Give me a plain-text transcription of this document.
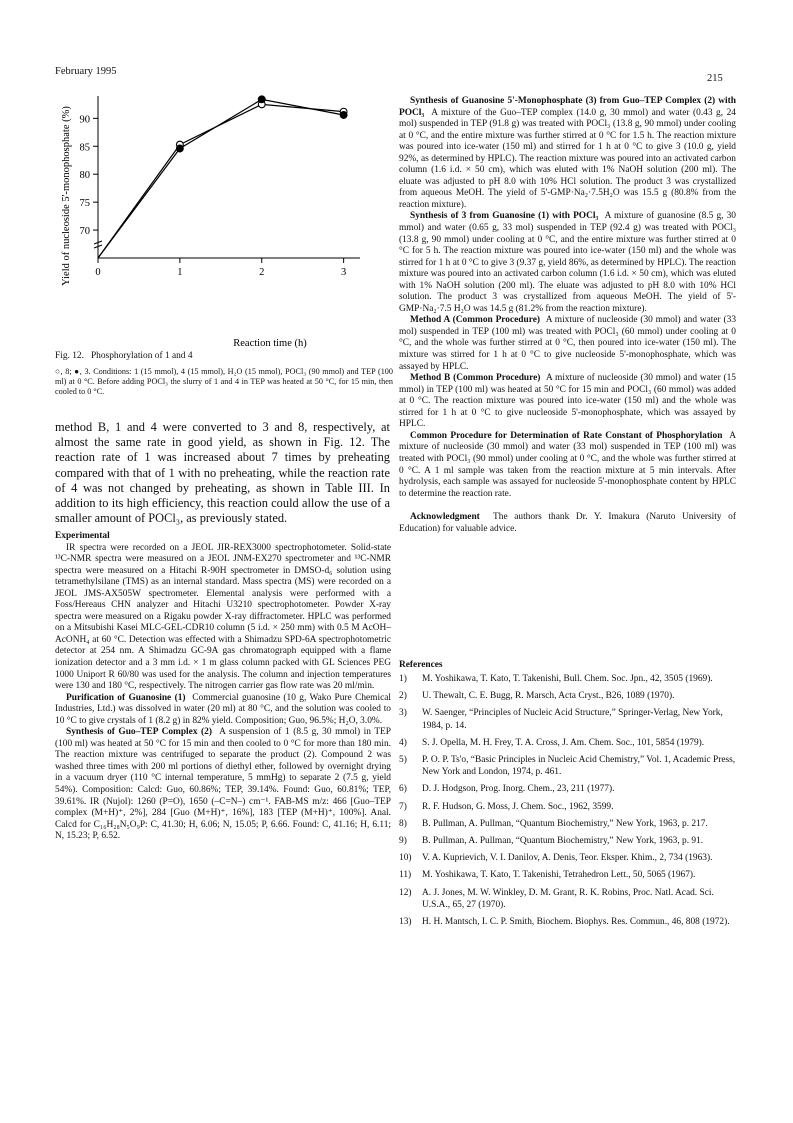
February 1995
215
70
75
80
85
90
0	1	2	3
Yield of nucleoside 5'-monophosphate (%)
Reaction time (h)
Fig. 12. Phosphorylation of 1 and 4
○, 8; ●, 3. Conditions: 1 (15 mmol), 4 (15 mmol), H₂O (15 mmol), POCl₃ (90 mmol) and TEP (100 ml) at 0 °C. Before adding POCl₃ the slurry of 1 and 4 in TEP was heated at 50 °C, for 15 min, then cooled to 0 °C.

method B, 1 and 4 were converted to 3 and 8, respectively, at almost the same rate in good yield, as shown in Fig. 12. The reaction rate of 1 was increased about 7 times by preheating compared with that of 1 with no preheating, while the reaction rate of 4 was not changed by preheating, as shown in Table III. In addition to its high efficiency, this reaction could allow the use of a smaller amount of POCl₃, as previously stated.

Experimental

IR spectra were recorded on a JEOL JIR-REX3000 spectrophotometer. Solid-state ¹³C-NMR spectra were measured on a JEOL JNM-EX270 spectrometer and ¹³C-NMR spectra were measured on a Hitachi R-90H spectrometer in DMSO-d₆ solution using tetramethylsilane (TMS) as an internal standard. Mass spectra (MS) were recorded on a JEOL JMS-AX505W spectrometer. Elemental analysis were performed with a Foss/Hereaus CHN analyzer and Hitachi U3210 spectrophotometer. Powder X-ray spectra were measured on a Rigaku powder X-ray diffractometer. HPLC was performed on a Mitsubishi Kasei MLC-GEL-CDR10 column (5 i.d. × 250 mm) with 0.5 M AcOH–AcONH₄ at 60 °C. Detection was effected with a Shimadzu SPD-6A spectrophotometric detector at 254 nm. A Shimadzu GC-9A gas chromatograph equipped with a flame ionization detector and a 3 mm i.d. × 1 m glass column packed with GL Sciences PEG 1000 Uniport R 60/80 was used for the analysis. The column and injection temperatures were 130 and 180 °C, respectively. The nitrogen carrier gas flow rate was 20 ml/min.

Purification of Guanosine (1) Commercial guanosine (10 g, Wako Pure Chemical Industries, Ltd.) was dissolved in water (20 ml) at 80 °C, and the solution was cooled to 10 °C to give crystals of 1 (8.2 g) in 82% yield. Composition; Guo, 96.5%; H₂O, 3.0%.

Synthesis of Guo–TEP Complex (2) A suspension of 1 (8.5 g, 30 mmol) in TEP (100 ml) was heated at 50 °C for 15 min and then cooled to 0 °C for more than 180 min. The reaction mixture was centrifuged to separate the product (2). Compound 2 was washed three times with 200 ml portions of diethyl ether, followed by overnight drying in a vacuum dryer (110 °C internal temperature, 5 mmHg) to separate 2 (7.5 g, yield 54%). Composition: Calcd: Guo, 60.86%; TEP, 39.14%. Found: Guo, 60.81%; TEP, 39.61%. IR (Nujol): 1260 (P=O), 1650 (–C=N–) cm⁻¹. FAB-MS m/z: 466 [Guo–TEP complex (M+H)⁺, 2%], 284 [Guo (M+H)⁺, 16%], 183 [TEP (M+H)⁺, 100%]. Anal. Calcd for C₁₆H₂₈N₅O₉P: C, 41.30; H, 6.06; N, 15.05; P, 6.66. Found: C, 41.16; H, 6.11; N, 15.23; P, 6.52.

Synthesis of Guanosine 5'-Monophosphate (3) from Guo–TEP Complex (2) with POCl₃ A mixture of the Guo–TEP complex (14.0 g, 30 mmol) and water (0.43 g, 24 mol) suspended in TEP (91.8 g) was treated with POCl₃ (13.8 g, 90 mmol) under cooling at 0 °C, and the entire mixture was further stirred at 0 °C for 1.5 h. The reaction mixture was poured into ice-water (150 ml) and stirred for 1 h at 0 °C to give 3 (10.0 g, yield 92%, as determined by HPLC). The reaction mixture was poured into an activated carbon column (1.6 i.d. × 50 cm), which was eluted with 1% NaOH solution (200 ml). The eluate was adjusted to pH 8.0 with 10% HCl solution. The product 3 was crystallized from aqueous MeOH. The yield of 5'-GMP·Na₂·7.5H₂O was 15.5 g (80.8% from the reaction mixture).

Synthesis of 3 from Guanosine (1) with POCl₃ A mixture of guanosine (8.5 g, 30 mmol) and water (0.65 g, 33 mol) suspended in TEP (92.4 g) was treated with POCl₃ (13.8 g, 90 mmol) under cooling at 0 °C, and the entire mixture was further stirred at 0 °C for 5 h. The reaction mixture was poured into ice-water (150 ml) and the whole was stirred for 1 h at 0 °C to give 3 (9.37 g, yield 86%, as determined by HPLC). The reaction mixture was poured into an activated carbon column (1.6 i.d. × 50 cm), which was eluted with 1% NaOH solution (200 ml). The eluate was adjusted to pH 8.0 with 10% HCl solution. The product 3 was crystallized from aqueous MeOH. The yield of 5'-GMP·Na₂·7.5 H₂O was 14.5 g (81.2% from the reaction mixture).

Method A (Common Procedure) A mixture of nucleoside (30 mmol) and water (33 mol) suspended in TEP (100 ml) was treated with POCl₃ (60 mmol) under cooling at 0 °C, and the whole was further stirred at 0 °C, then poured into ice-water (150 ml). The mixture was stirred for 1 h at 0 °C to give nucleoside 5'-monophosphate, which was assayed by HPLC.

Method B (Common Procedure) A mixture of nucleoside (30 mmol) and water (15 mmol) in TEP (100 ml) was heated at 50 °C for 15 min and POCl₃ (60 mmol) was added at 0 °C. The reaction mixture was poured into ice-water (150 ml) and the whole was stirred for 1 h at 0 °C to give nucleoside 5'-monophosphate, which was assayed by HPLC.

Common Procedure for Determination of Rate Constant of Phosphorylation A mixture of nucleoside (30 mmol) and water (33 mol) suspended in TEP (100 ml) was treated with POCl₃ (90 mmol) under cooling at 0 °C, and the whole was further stirred at 0 °C. A 1 ml sample was taken from the reaction mixture at 5 min intervals. After hydrolysis, each sample was assayed for nucleoside 5'-monophosphate content by HPLC to determine the reaction rate.

Acknowledgment The authors thank Dr. Y. Imakura (Naruto University of Education) for valuable advice.

References

1) M. Yoshikawa, T. Kato, T. Takenishi, Bull. Chem. Soc. Jpn., 42, 3505 (1969).
2) U. Thewalt, C. E. Bugg, R. Marsch, Acta Cryst., B26, 1089 (1970).
3) W. Saenger, “Principles of Nucleic Acid Structure,” Springer-Verlag, New York, 1984, p. 14.
4) S. J. Opella, M. H. Frey, T. A. Cross, J. Am. Chem. Soc., 101, 5854 (1979).
5) P. O. P. Ts'o, “Basic Principles in Nucleic Acid Chemistry,” Vol. 1, Academic Press, New York and London, 1974, p. 461.
6) D. J. Hodgson, Prog. Inorg. Chem., 23, 211 (1977).
7) R. F. Hudson, G. Moss, J. Chem. Soc., 1962, 3599.
8) B. Pullman, A. Pullman, “Quantum Biochemistry,” New York, 1963, p. 217.
9) B. Pullman, A. Pullman, “Quantum Biochemistry,” New York, 1963, p. 91.
10) V. A. Kuprievich, V. I. Danilov, A. Denis, Teor. Eksper. Khim., 2, 734 (1963).
11) M. Yoshikawa, T. Kato, T. Takenishi, Tetrahedron Lett., 50, 5065 (1967).
12) A. J. Jones, M. W. Winkley, D. M. Grant, R. K. Robins, Proc. Natl. Acad. Sci. U.S.A., 65, 27 (1970).
13) H. H. Mantsch, I. C. P. Smith, Biochem. Biophys. Res. Commun., 46, 808 (1972).
